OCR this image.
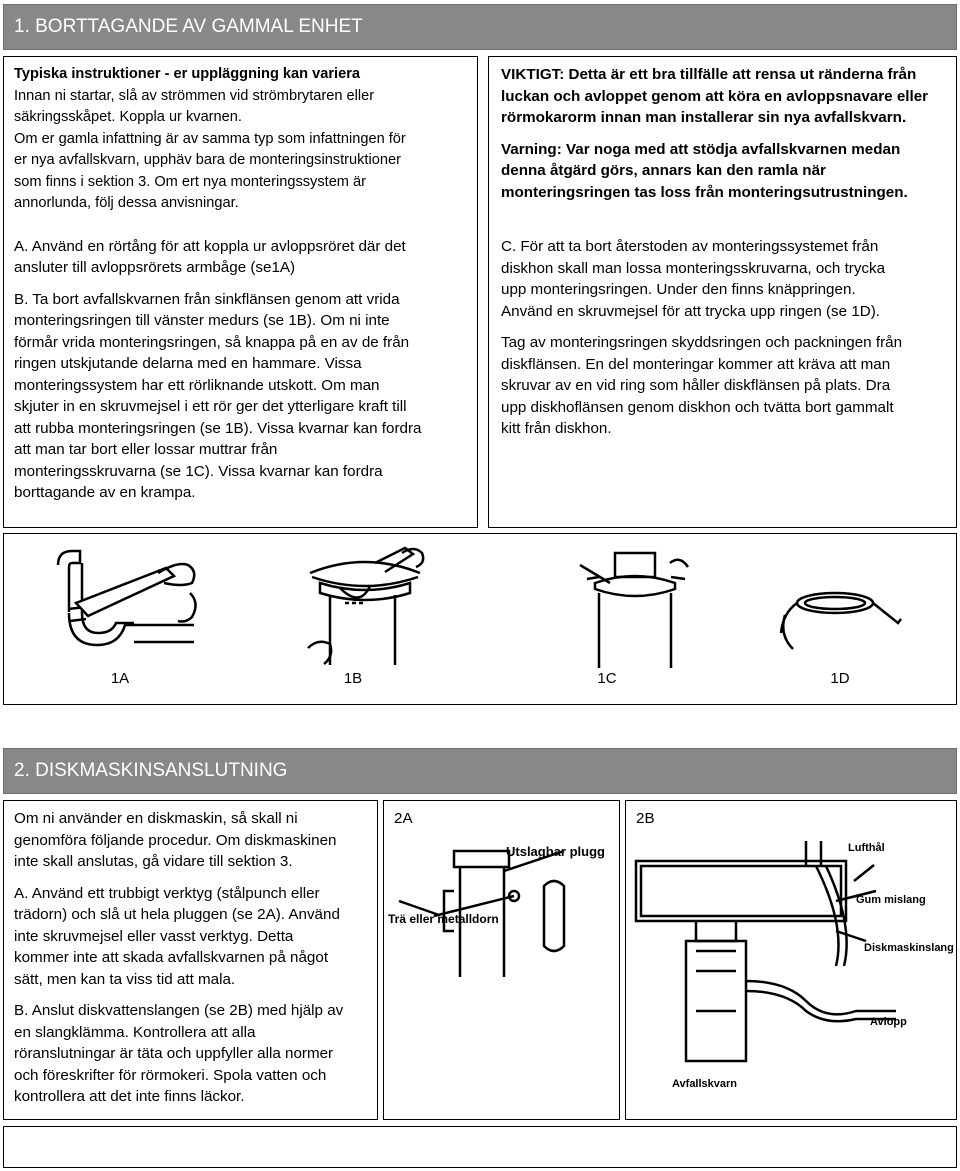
1. BORTTAGANDE AV GAMMAL ENHET

Typiska instruktioner - er uppläggning kan variera

Innan ni startar, slå av strömmen vid strömbrytaren eller

säkringsskåpet. Koppla ur kvarnen.

Om er gamla infattning är av samma typ som infattningen för

er nya avfallskvarn, upphäv bara de monteringsinstruktioner

som finns i sektion 3. Om ert nya monteringssystem är

annorlunda, följ dessa anvisningar.

A. Använd en rörtång för att koppla ur avloppsröret där det

ansluter till avloppsrörets armbåge (se1A)

B. Ta bort avfallskvarnen från sinkflänsen genom att vrida

monteringsringen till vänster medurs (se 1B). Om ni inte

förmår vrida monteringsringen, så knappa på en av de från

ringen utskjutande delarna med en hammare. Vissa

monteringssystem har ett rörliknande utskott. Om man

skjuter in en skruvmejsel i ett rör ger det ytterligare kraft till

att rubba monteringsringen (se 1B). Vissa kvarnar kan fordra

att man tar bort eller lossar muttrar från

monteringsskruvarna (se 1C). Vissa kvarnar kan fordra

borttagande av en krampa.

VIKTIGT: Detta är ett bra tillfälle att rensa ut ränderna från

luckan och avloppet genom att köra en avloppsnavare eller

rörmokarorm innan man installerar sin nya avfallskvarn.

Varning: Var noga med att stödja avfallskvarnen medan

denna åtgärd görs, annars kan den ramla när

monteringsringen tas loss från monteringsutrustningen.

C. För att ta bort återstoden av monteringssystemet från

diskhon skall man lossa monteringsskruvarna, och trycka

upp monteringsringen. Under den finns knäppringen.

Använd en skruvmejsel för att trycka upp ringen (se 1D).

Tag av monteringsringen skyddsringen och packningen från

diskflänsen. En del monteringar kommer att kräva att man

skruvar av en vid ring som håller diskflänsen på plats. Dra

upp diskhoflänsen genom diskhon och tvätta bort gammalt

kitt från diskhon.

1A	1B	1C	1D
2. DISKMASKINSANSLUTNING

Om ni använder en diskmaskin, så skall ni

genomföra följande procedur. Om diskmaskinen

inte skall anslutas, gå vidare till sektion 3.

A. Använd ett trubbigt verktyg (stålpunch eller

trädorn) och slå ut hela pluggen (se 2A). Använd

inte skruvmejsel eller vasst verktyg. Detta

kommer inte att skada avfallskvarnen på något

sätt, men kan ta viss tid att mala.

B. Anslut diskvattenslangen (se 2B) med hjälp av

en slangklämma. Kontrollera att alla

röranslutningar är täta och uppfyller alla normer

och föreskrifter för rörmokeri. Spola vatten och

kontrollera att det inte finns läckor.

2A
Utslagbar plugg
Trä eller metalldorn
2B
Lufthål
Gum mislang
Diskmaskinslang
Avlopp
Avfallskvarn
